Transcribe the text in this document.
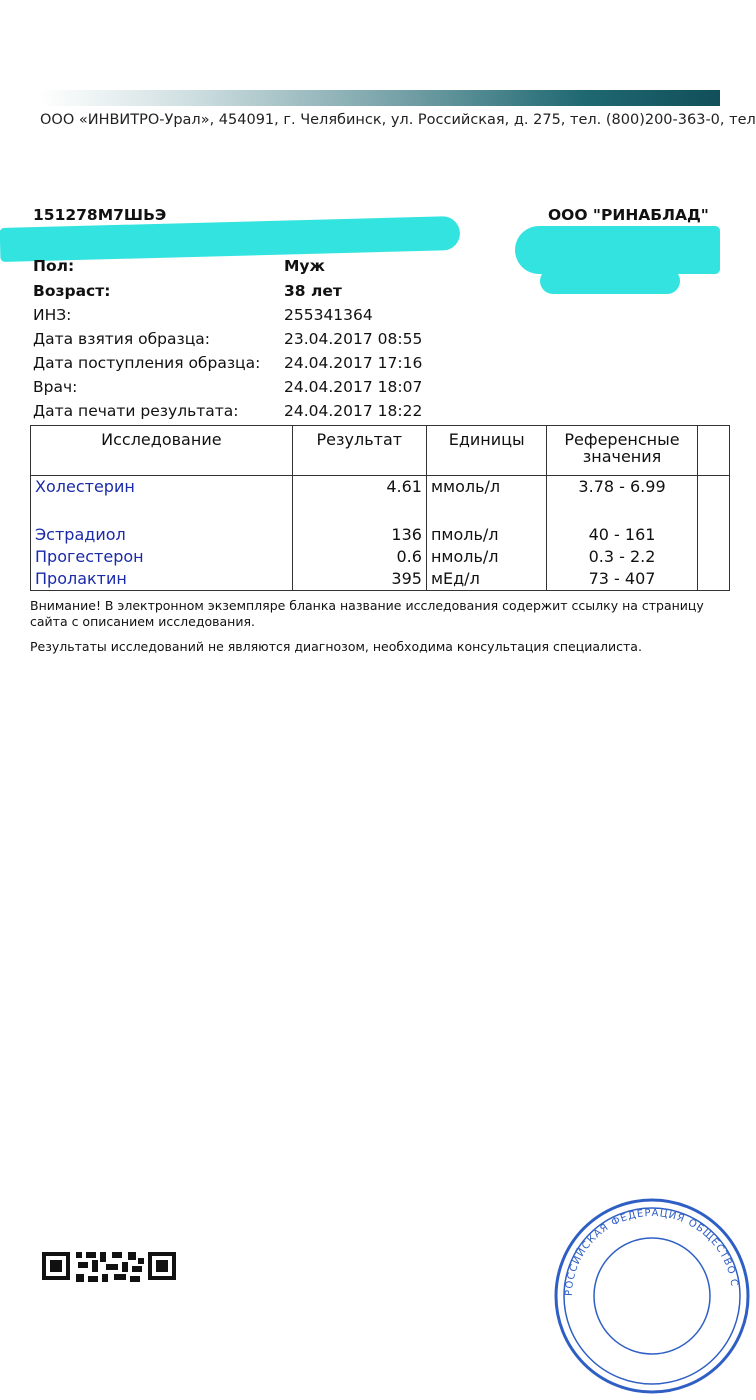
ООО «ИНВИТРО-Урал», 454091, г. Челябинск, ул. Российская, д. 275, тел. (800)200-363-0, тел
151278M7ШЬЭ	ООО "РИНАБЛАД"
Пол:	Муж
Возраст:	38 лет
ИНЗ:	255341364
Дата взятия образца:	23.04.2017 08:55
Дата поступления образца: 24.04.2017 17:16
Врач:	24.04.2017 18:07
Дата печати результата:	24.04.2017 18:22
Исследование	Результат	Единицы	Референсные значения	
Холестерин	4.61	ммоль/л	3.78 - 6.99	

Эстрадиол	136	пмоль/л	40 - 161	
Прогестерон	0.6	нмоль/л	0.3 - 2.2	
Пролактин	395	мЕд/л	73 - 407	
Внимание! В электронном экземпляре бланка название исследования содержит ссылку на страницу сайта с описанием исследования.
Результаты исследований не являются диагнозом, необходима консультация специалиста.
РОССИЙСКАЯ ФЕДЕРАЦИЯ ОБЩЕСТВО С
